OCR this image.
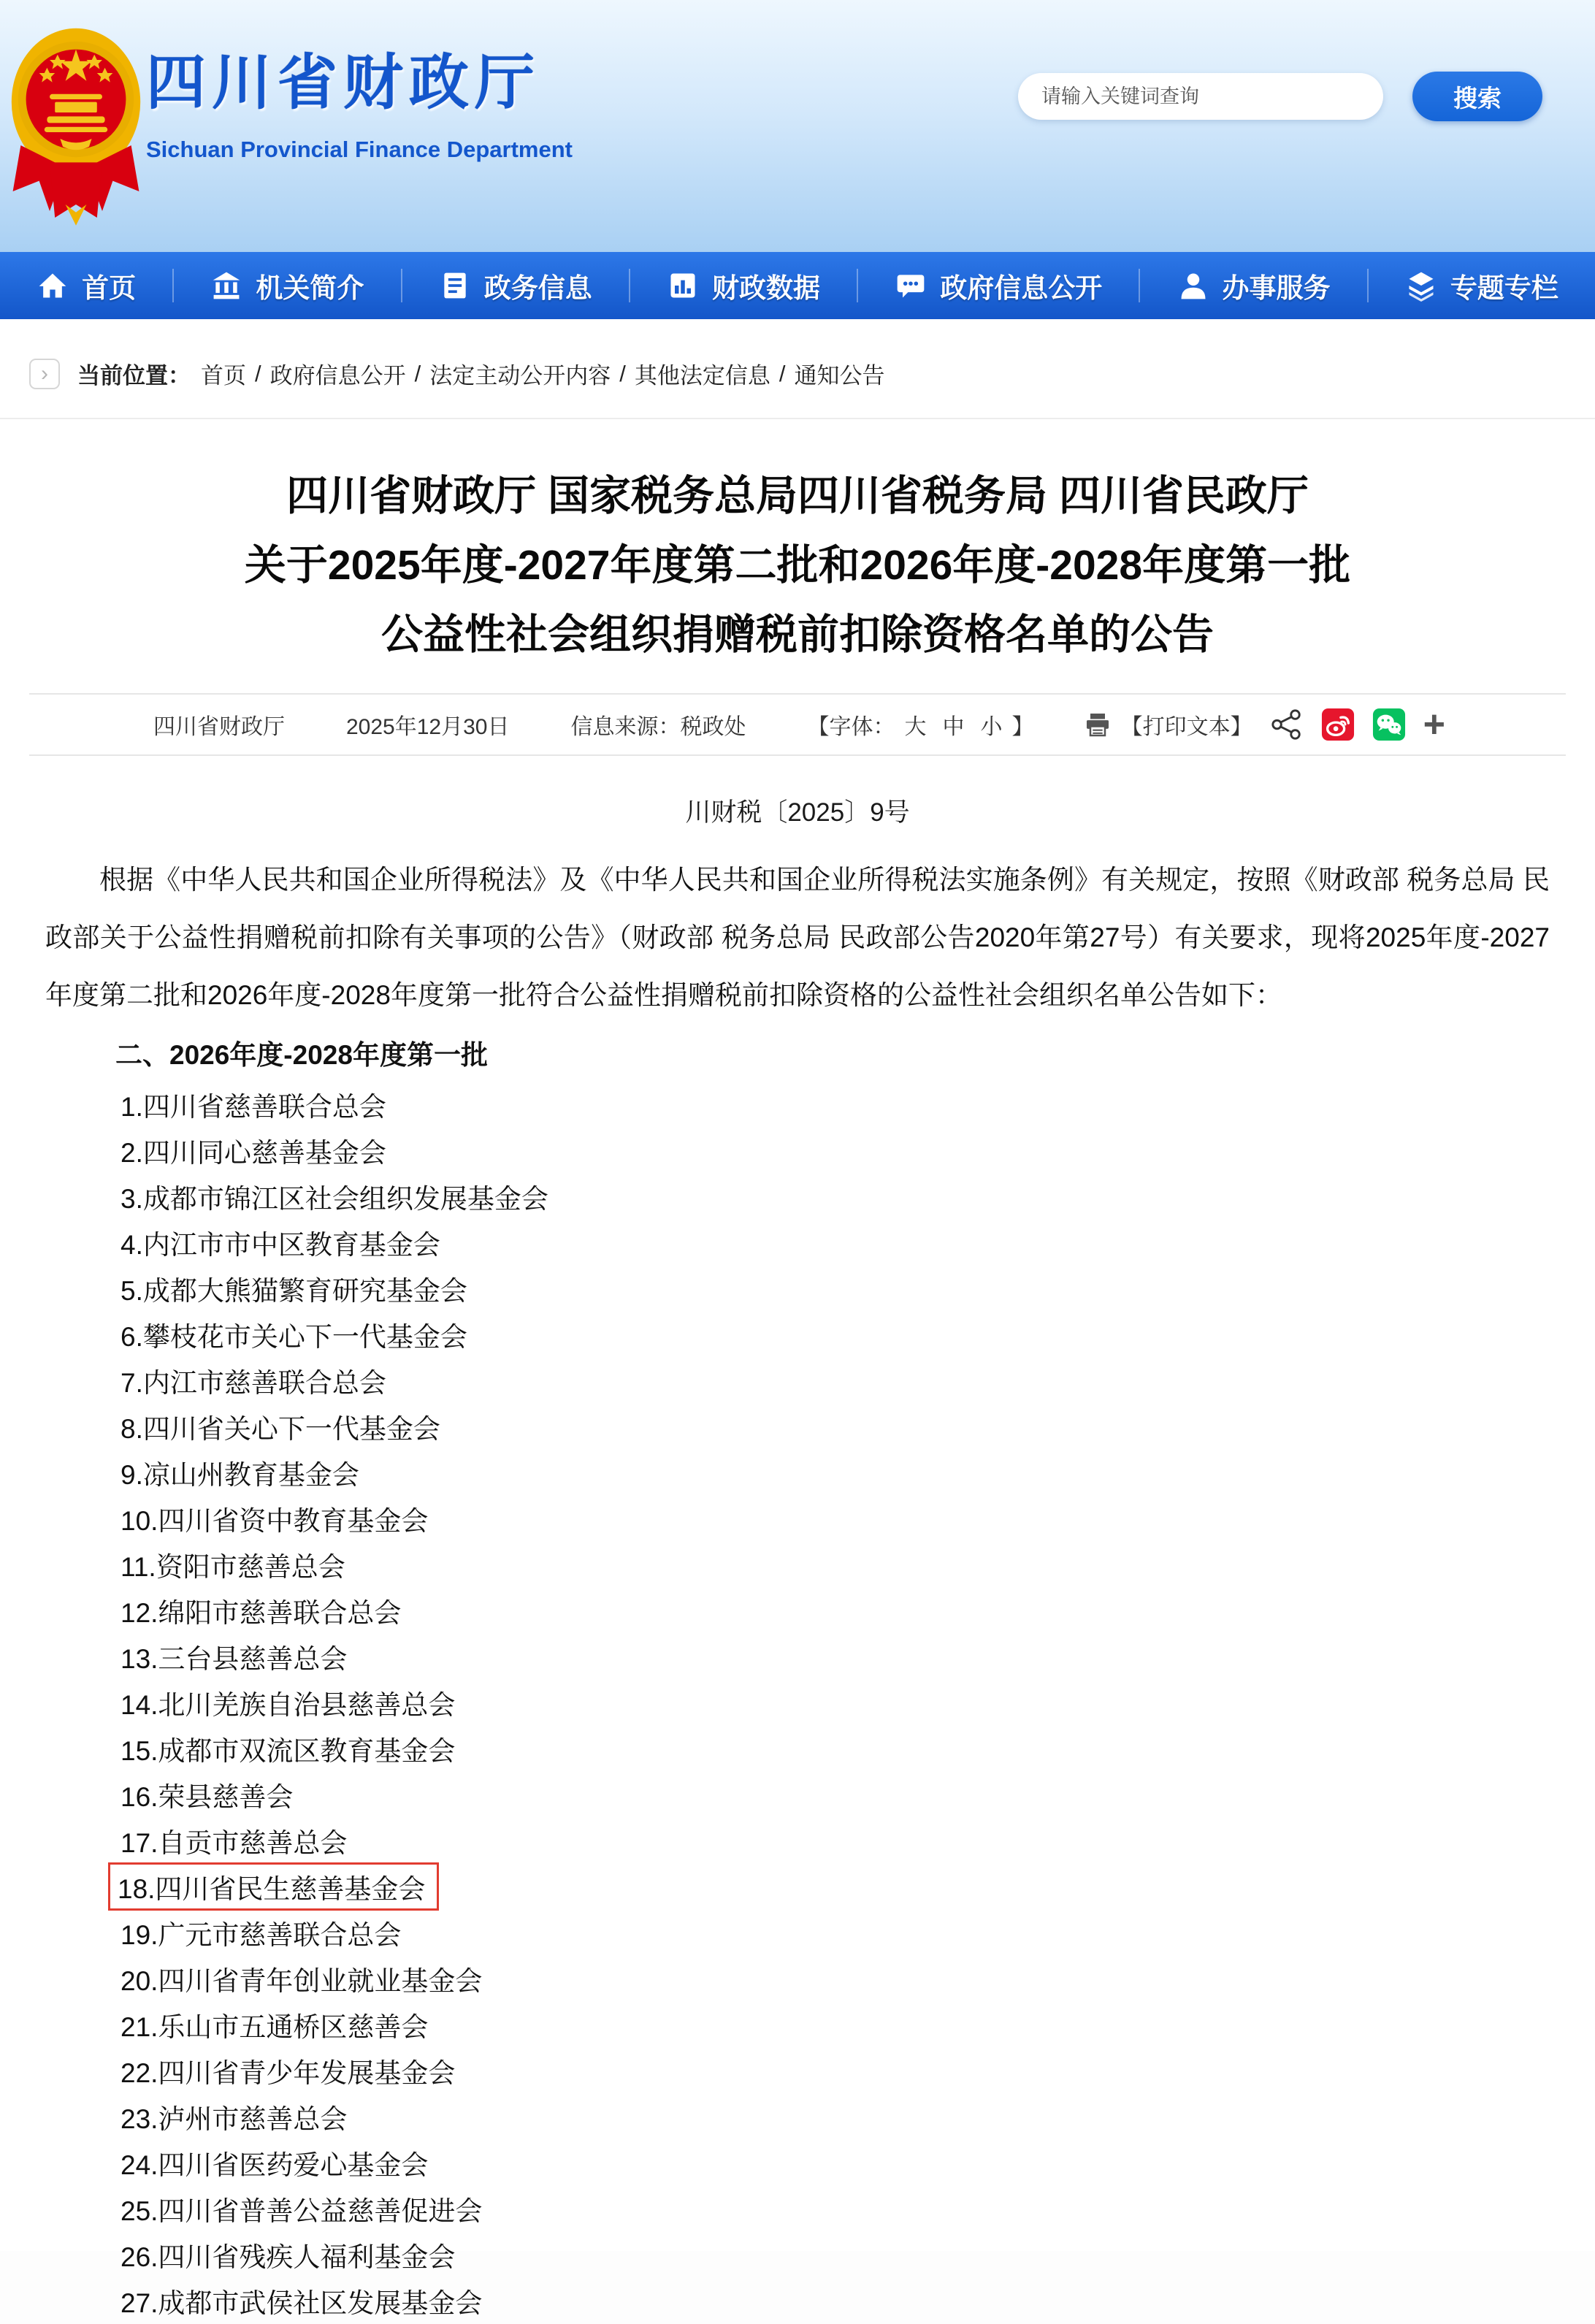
四川省财政厅
Sichuan Provincial Finance Department
请输入关键词查询
搜索
首页	机关简介	政务信息	财政数据	政府信息公开	办事服务	专题专栏
›	当前位置： 首页 / 政府信息公开 / 法定主动公开内容 / 其他法定信息 / 通知公告
四川省财政厅 国家税务总局四川省税务局 四川省民政厅
关于2025年度-2027年度第二批和2026年度-2028年度第一批
公益性社会组织捐赠税前扣除资格名单的公告
四川省财政厅	2025年12月30日	信息来源：税政处	【字体： 大 中 小 】	【打印文本】	+
川财税〔2025〕9号

根据《中华人民共和国企业所得税法》及《中华人民共和国企业所得税法实施条例》有关规定，按照《财政部 税务总局 民政部关于公益性捐赠税前扣除有关事项的公告》（财政部 税务总局 民政部公告2020年第27号）有关要求，现将2025年度-2027年度第二批和2026年度-2028年度第一批符合公益性捐赠税前扣除资格的公益性社会组织名单公告如下：

二、2026年度-2028年度第一批
1.四川省慈善联合总会
2.四川同心慈善基金会
3.成都市锦江区社会组织发展基金会
4.内江市市中区教育基金会
5.成都大熊猫繁育研究基金会
6.攀枝花市关心下一代基金会
7.内江市慈善联合总会
8.四川省关心下一代基金会
9.凉山州教育基金会
10.四川省资中教育基金会
11.资阳市慈善总会
12.绵阳市慈善联合总会
13.三台县慈善总会
14.北川羌族自治县慈善总会
15.成都市双流区教育基金会
16.荣县慈善会
17.自贡市慈善总会
18.四川省民生慈善基金会
19.广元市慈善联合总会
20.四川省青年创业就业基金会
21.乐山市五通桥区慈善会
22.四川省青少年发展基金会
23.泸州市慈善总会
24.四川省医药爱心基金会
25.四川省普善公益慈善促进会
26.四川省残疾人福利基金会
27.成都市武侯社区发展基金会
